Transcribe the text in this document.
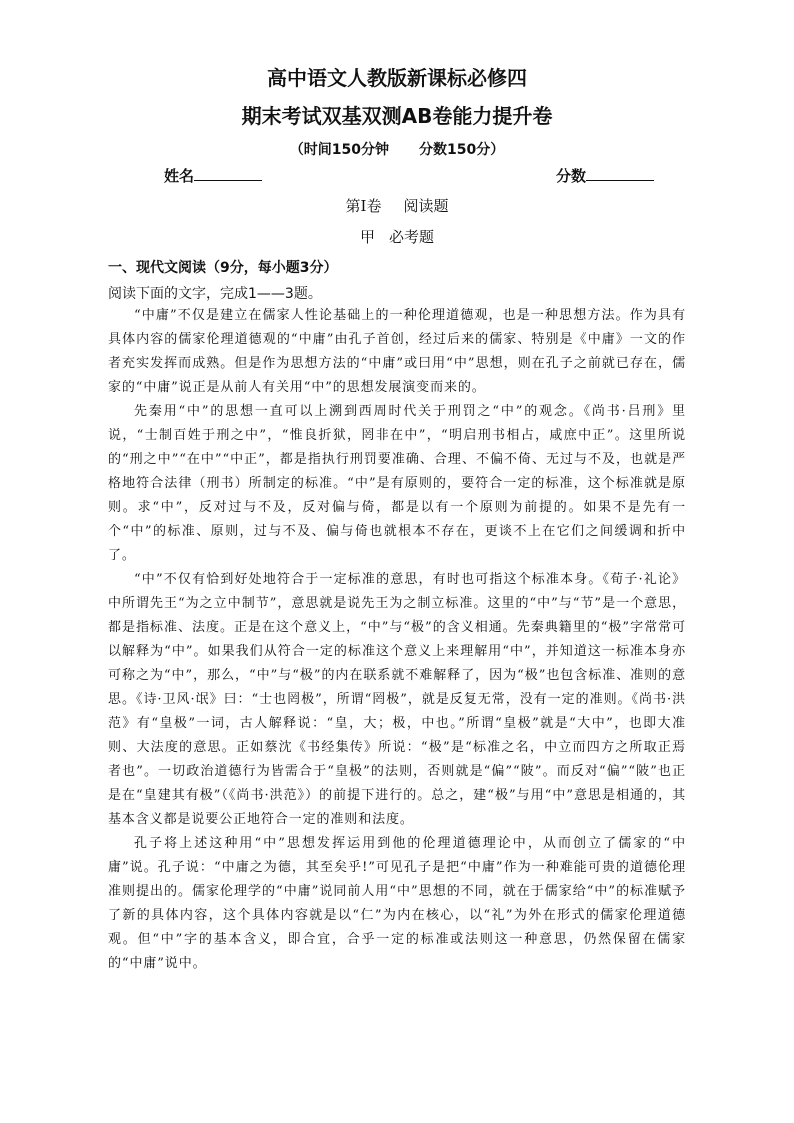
高中语文人教版新课标必修四
期末考试双基双测AB卷能力提升卷
（时间150分钟 分数150分）
姓名	分数
第Ⅰ卷 阅读题
甲 必考题
一、现代文阅读（9分，每小题3分）
阅读下面的文字，完成1——3题。

“中庸”不仅是建立在儒家人性论基础上的一种伦理道德观，也是一种思想方法。作为具有具体内容的儒家伦理道德观的“中庸”由孔子首创，经过后来的儒家、特别是《中庸》一文的作者充实发挥而成熟。但是作为思想方法的“中庸”或曰用“中”思想，则在孔子之前就已存在，儒家的“中庸”说正是从前人有关用“中”的思想发展演变而来的。

先秦用“中”的思想一直可以上溯到西周时代关于刑罚之“中”的观念。《尚书·吕刑》里说，“士制百姓于刑之中”，“惟良折狱，罔非在中”，“明启刑书相占，咸庶中正”。这里所说的“刑之中”“在中”“中正”，都是指执行刑罚要准确、合理、不偏不倚、无过与不及，也就是严格地符合法律（刑书）所制定的标准。“中”是有原则的，要符合一定的标准，这个标准就是原则。求“中”，反对过与不及，反对偏与倚，都是以有一个原则为前提的。如果不是先有一个“中”的标准、原则，过与不及、偏与倚也就根本不存在，更谈不上在它们之间缓调和折中了。

“中”不仅有恰到好处地符合于一定标准的意思，有时也可指这个标准本身。《荀子·礼论》中所谓先王“为之立中制节”，意思就是说先王为之制立标准。这里的“中”与“节”是一个意思，都是指标准、法度。正是在这个意义上，“中”与“极”的含义相通。先秦典籍里的“极”字常常可以解释为“中”。如果我们从符合一定的标准这个意义上来理解用“中”，并知道这一标准本身亦可称之为“中”，那么，“中”与“极”的内在联系就不难解释了，因为“极”也包含标准、准则的意思。《诗·卫风·氓》曰：“士也罔极”，所谓“罔极”，就是反复无常，没有一定的准则。《尚书·洪范》有“皇极”一词，古人解释说：“皇，大；极，中也。”所谓“皇极”就是“大中”，也即大准则、大法度的意思。正如蔡沈《书经集传》所说：“极”是“标准之名，中立而四方之所取正焉者也”。一切政治道德行为皆需合于“皇极”的法则，否则就是“偏”“陂”。而反对“偏”“陂”也正是在“皇建其有极”（《尚书·洪范》）的前提下进行的。总之，建“极”与用“中”意思是相通的，其基本含义都是说要公正地符合一定的准则和法度。

孔子将上述这种用“中”思想发挥运用到他的伦理道德理论中，从而创立了儒家的“中庸”说。孔子说：“中庸之为德，其至矣乎!”可见孔子是把“中庸”作为一种难能可贵的道德伦理准则提出的。儒家伦理学的“中庸”说同前人用“中”思想的不同，就在于儒家给“中”的标准赋予了新的具体内容，这个具体内容就是以“仁”为内在核心，以“礼”为外在形式的儒家伦理道德观。但“中”字的基本含义，即合宜，合乎一定的标准或法则这一种意思，仍然保留在儒家的“中庸”说中。
